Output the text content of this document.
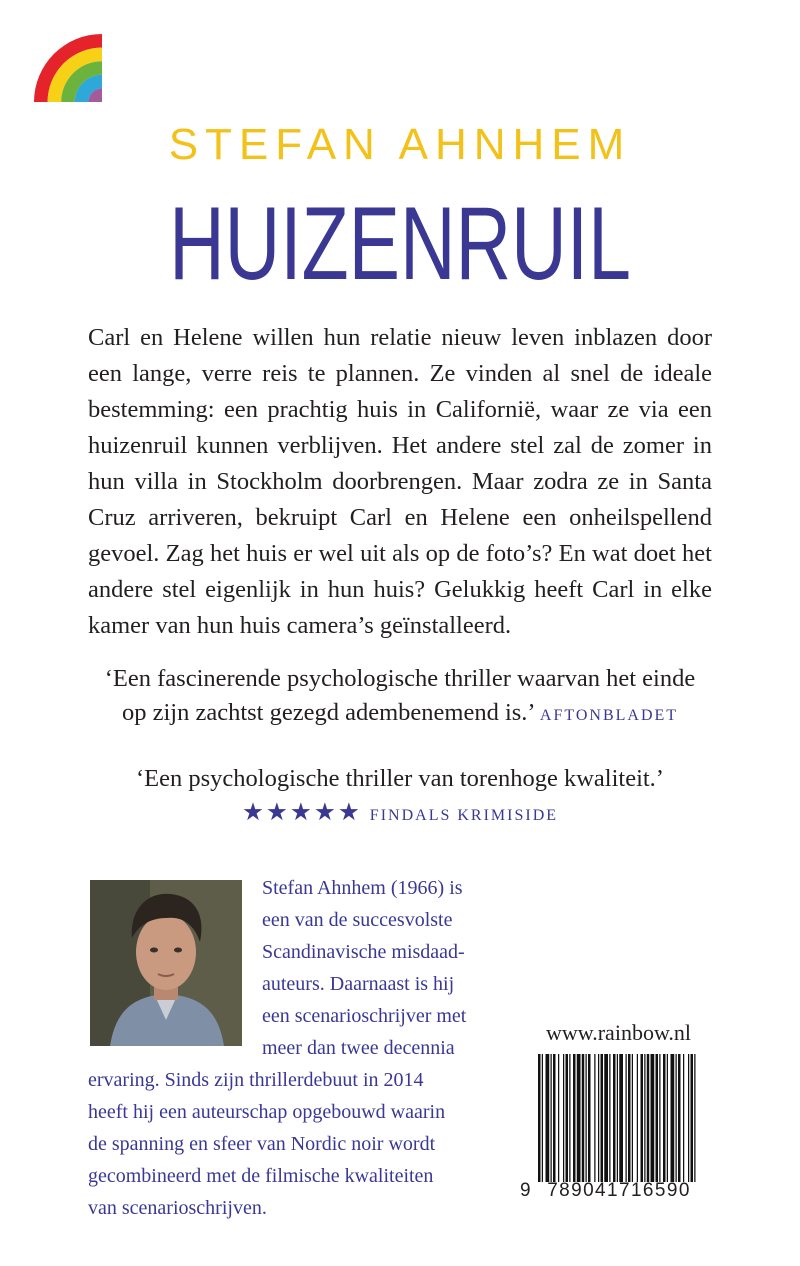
STEFAN AHNHEM
HUIZENRUIL

Carl en Helene willen hun relatie nieuw leven inblazen door een lange, verre reis te plannen. Ze vinden al snel de ideale bestemming: een prachtig huis in Californië, waar ze via een huizenruil kunnen verblijven. Het andere stel zal de zomer in hun villa in Stockholm doorbrengen. Maar zodra ze in Santa Cruz arriveren, bekruipt Carl en Helene een onheilspellend gevoel. Zag het huis er wel uit als op de foto’s? En wat doet het andere stel eigenlijk in hun huis? Gelukkig heeft Carl in elke kamer van hun huis camera’s geïnstalleerd.

‘Een fascinerende psychologische thriller waarvan het einde
op zijn zachtst gezegd adembenemend is.’ AFTONBLADET

‘Een psychologische thriller van torenhoge kwaliteit.’
★★★★★ FINDALS KRIMISIDE

Stefan Ahnhem (1966) is
een van de succesvolste
Scandinavische misdaad-
auteurs. Daarnaast is hij
een scenarioschrijver met
meer dan twee decennia
ervaring. Sinds zijn thrillerdebuut in 2014
heeft hij een auteurschap opgebouwd waarin
de spanning en sfeer van Nordic noir wordt
gecombineerd met de filmische kwaliteiten
van scenarioschrijven.

www.rainbow.nl
9 789041716590
